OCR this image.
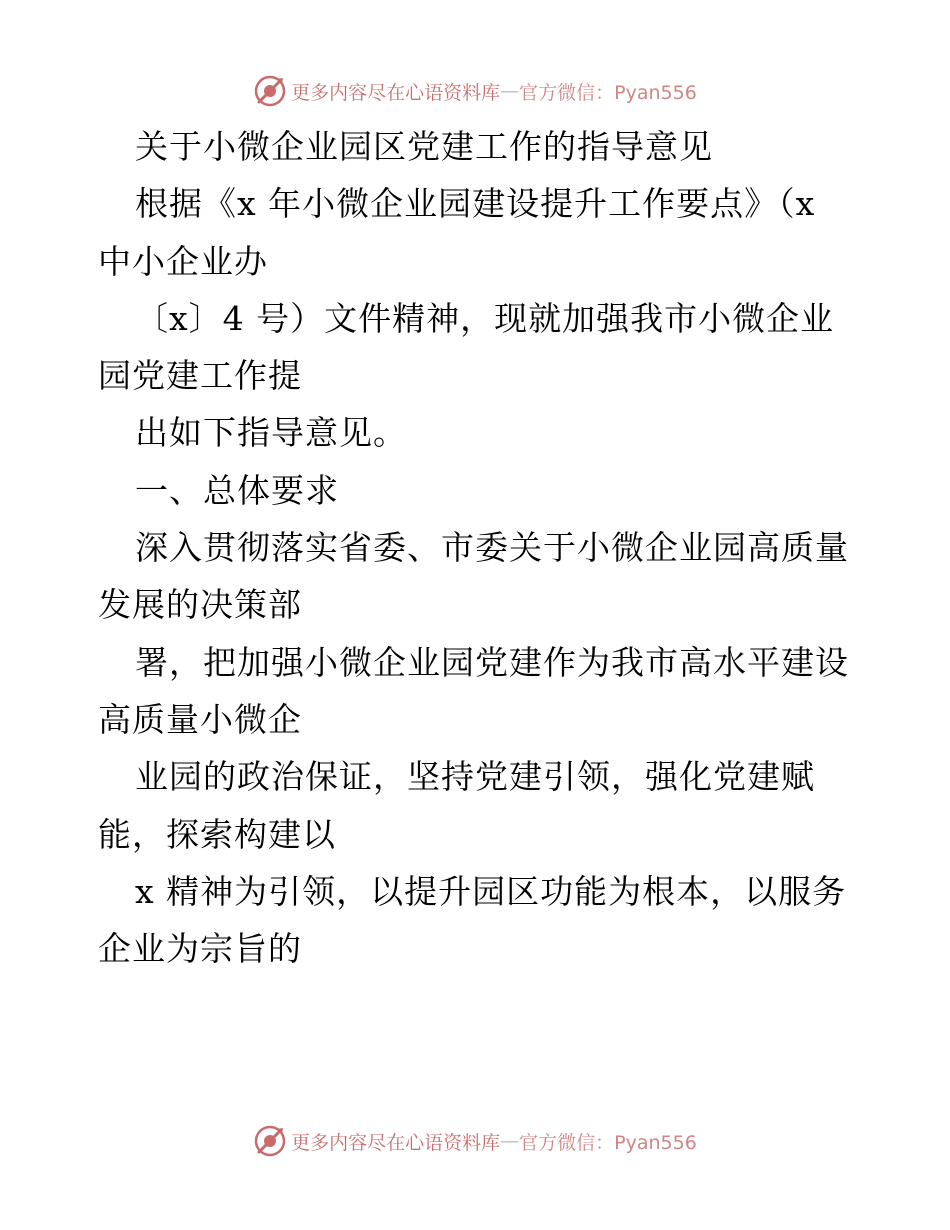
更多内容尽在心语资料库 — 官方微信：Pyan556
关于小微企业园区党建工作的指导意见
根据《x 年小微企业园建设提升工作要点》（x
中小企业办
〔x〕4 号）文件精神，现就加强我市小微企业
园党建工作提
出如下指导意见。
一、总体要求
深入贯彻落实省委、市委关于小微企业园高质量
发展的决策部
署，把加强小微企业园党建作为我市高水平建设
高质量小微企
业园的政治保证，坚持党建引领，强化党建赋
能，探索构建以
x 精神为引领，以提升园区功能为根本，以服务
企业为宗旨的
更多内容尽在心语资料库 — 官方微信：Pyan556
